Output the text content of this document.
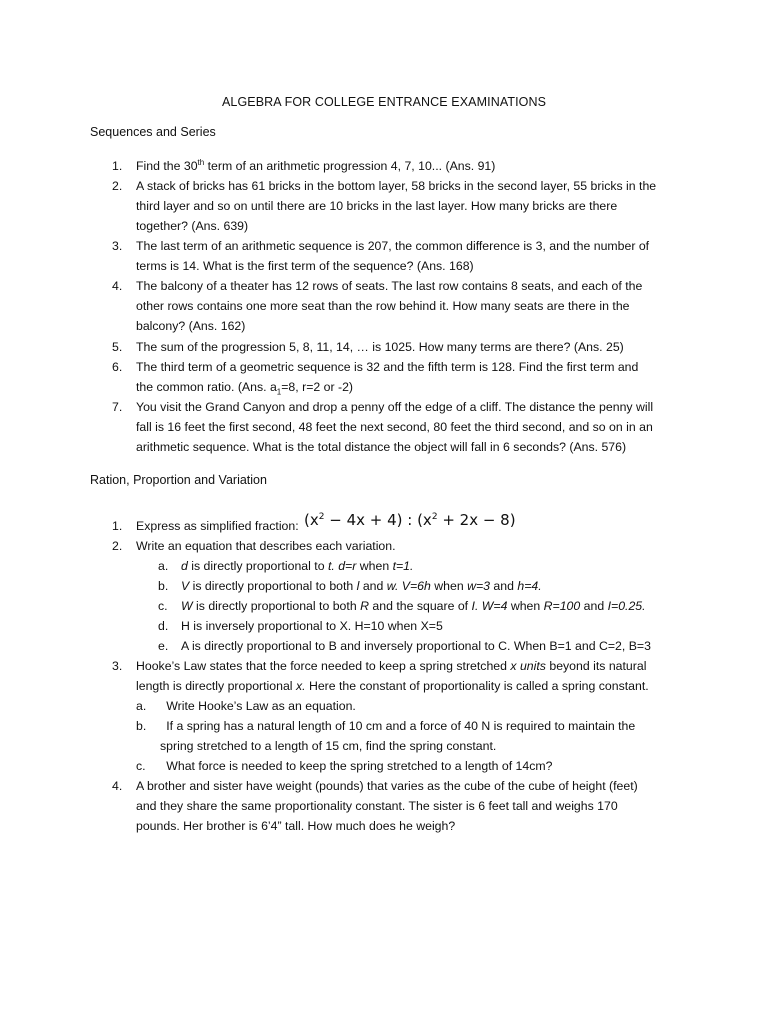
ALGEBRA FOR COLLEGE ENTRANCE EXAMINATIONS
Sequences and Series
1. Find the 30th term of an arithmetic progression 4, 7, 10... (Ans. 91)
2. A stack of bricks has 61 bricks in the bottom layer, 58 bricks in the second layer, 55 bricks in the
third layer and so on until there are 10 bricks in the last layer. How many bricks are there
together? (Ans. 639)
3. The last term of an arithmetic sequence is 207, the common difference is 3, and the number of
terms is 14. What is the first term of the sequence? (Ans. 168)
4. The balcony of a theater has 12 rows of seats. The last row contains 8 seats, and each of the
other rows contains one more seat than the row behind it. How many seats are there in the
balcony? (Ans. 162)
5. The sum of the progression 5, 8, 11, 14, … is 1025. How many terms are there? (Ans. 25)
6. The third term of a geometric sequence is 32 and the fifth term is 128. Find the first term and
the common ratio. (Ans. $a_1=8$, r=2 or -2)
7. You visit the Grand Canyon and drop a penny off the edge of a cliff. The distance the penny will
fall is 16 feet the first second, 48 feet the next second, 80 feet the third second, and so on in an
arithmetic sequence. What is the total distance the object will fall in 6 seconds? (Ans. 576)
Ration, Proportion and Variation
1. Express as simplified fraction: $(x^2 - 4x + 4)$ : $(x^2 + 2x - 8)$
2. Write an equation that describes each variation.
a. d is directly proportional to t. d=r when t=1.
b. V is directly proportional to both l and w. V=6h when w=3 and h=4.
c. W is directly proportional to both R and the square of I. W=4 when R=100 and I=0.25.
d. H is inversely proportional to X. H=10 when X=5
e. A is directly proportional to B and inversely proportional to C. When B=1 and C=2, B=3
3. Hooke’s Law states that the force needed to keep a spring stretched x units beyond its natural
length is directly proportional x. Here the constant of proportionality is called a spring constant.
a. Write Hooke’s Law as an equation.
b. If a spring has a natural length of 10 cm and a force of 40 N is required to maintain the
spring stretched to a length of 15 cm, find the spring constant.
c. What force is needed to keep the spring stretched to a length of 14cm?
4. A brother and sister have weight (pounds) that varies as the cube of the cube of height (feet)
and they share the same proportionality constant. The sister is 6 feet tall and weighs 170
pounds. Her brother is 6’4” tall. How much does he weigh?
